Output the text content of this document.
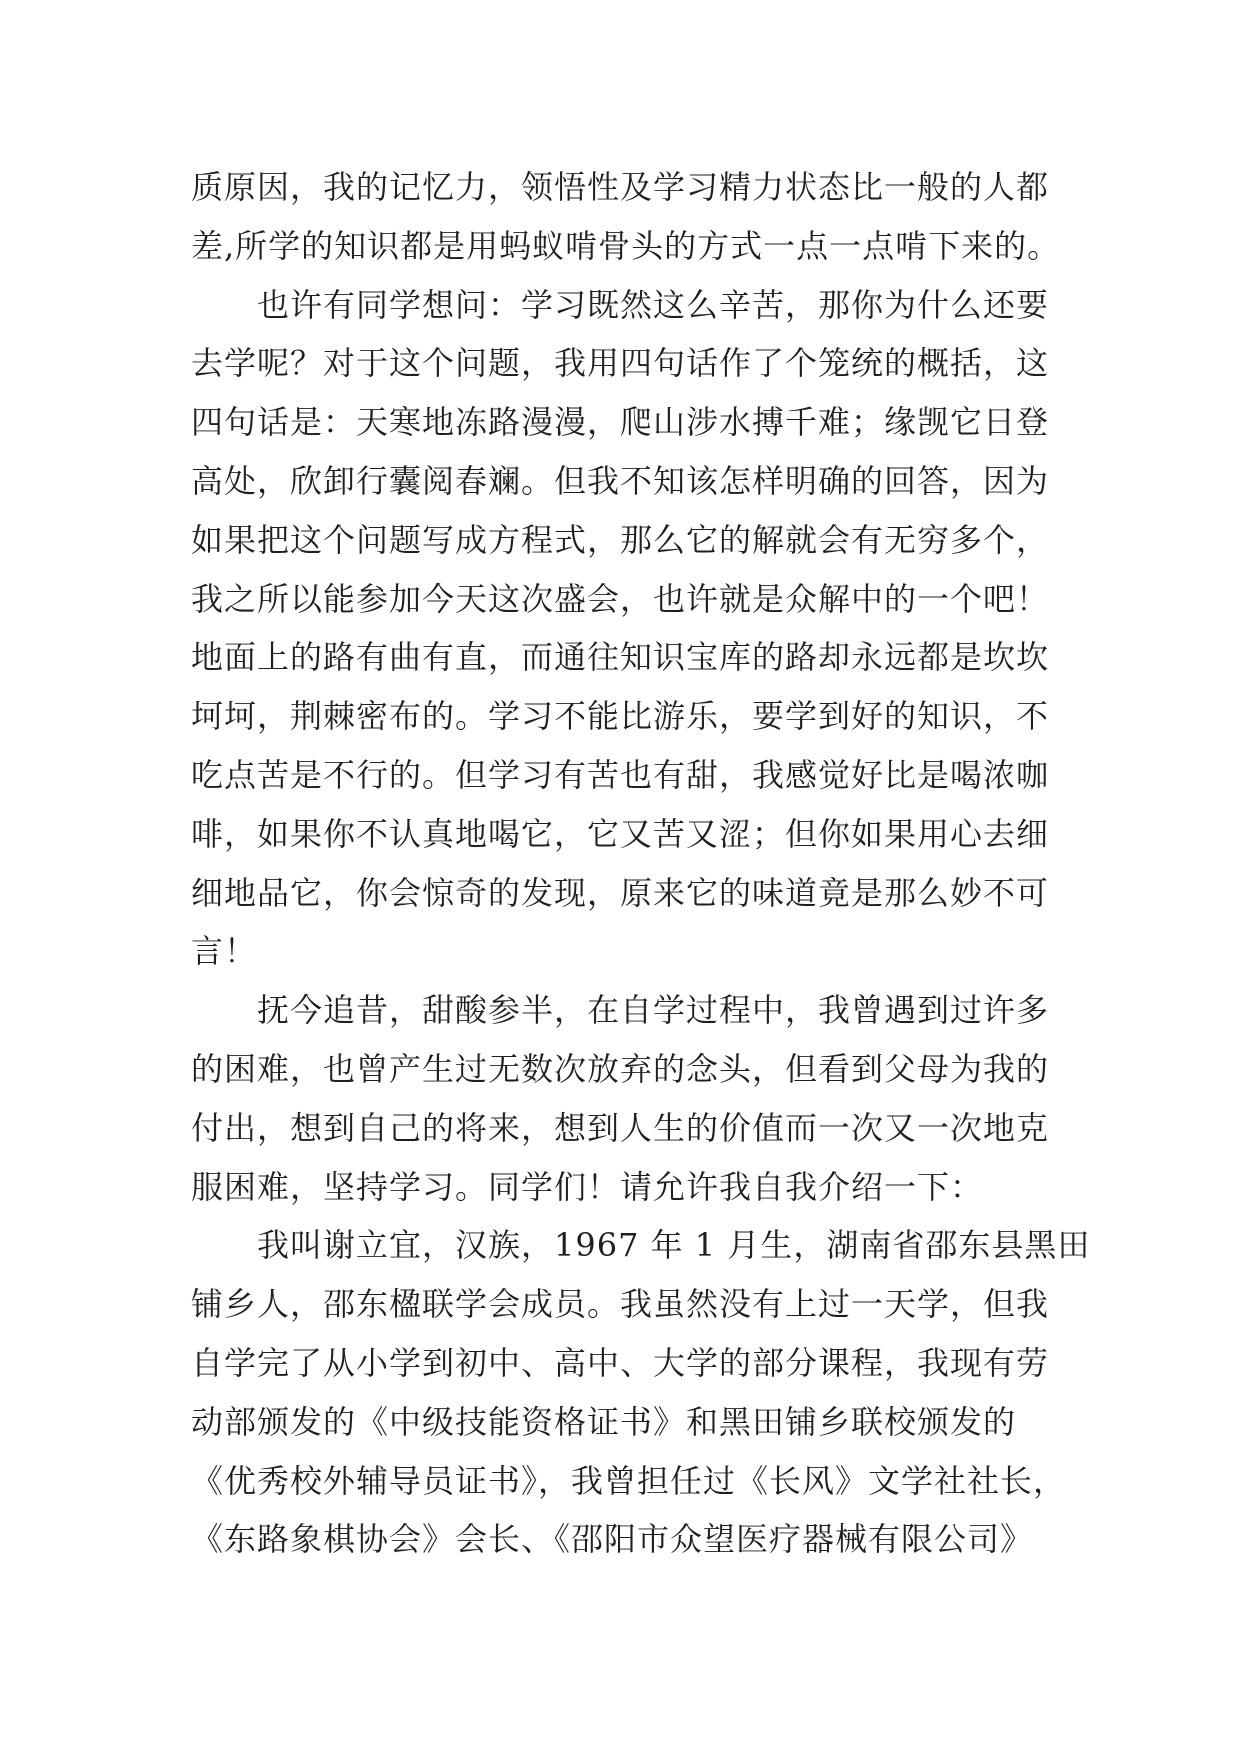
质原因，我的记忆力，领悟性及学习精力状态比一般的人都
差,所学的知识都是用蚂蚁啃骨头的方式一点一点啃下来的。
　　也许有同学想问：学习既然这么辛苦，那你为什么还要
去学呢？对于这个问题，我用四句话作了个笼统的概括，这
四句话是：天寒地冻路漫漫，爬山涉水搏千难；缘觊它日登
高处，欣卸行囊阅春斓。但我不知该怎样明确的回答，因为
如果把这个问题写成方程式，那么它的解就会有无穷多个，
我之所以能参加今天这次盛会，也许就是众解中的一个吧！
地面上的路有曲有直，而通往知识宝库的路却永远都是坎坎
坷坷，荆棘密布的。学习不能比游乐，要学到好的知识，不
吃点苦是不行的。但学习有苦也有甜，我感觉好比是喝浓咖
啡，如果你不认真地喝它，它又苦又涩；但你如果用心去细
细地品它，你会惊奇的发现，原来它的味道竟是那么妙不可
言！
　　抚今追昔，甜酸参半，在自学过程中，我曾遇到过许多
的困难，也曾产生过无数次放弃的念头，但看到父母为我的
付出，想到自己的将来，想到人生的价值而一次又一次地克
服困难，坚持学习。同学们！请允许我自我介绍一下：
　　我叫谢立宜，汉族，1967 年 1 月生，湖南省邵东县黑田
铺乡人，邵东楹联学会成员。我虽然没有上过一天学，但我
自学完了从小学到初中、高中、大学的部分课程，我现有劳
动部颁发的《中级技能资格证书》和黑田铺乡联校颁发的
《优秀校外辅导员证书》，我曾担任过《长风》文学社社长，
《东路象棋协会》会长、《邵阳市众望医疗器械有限公司》
